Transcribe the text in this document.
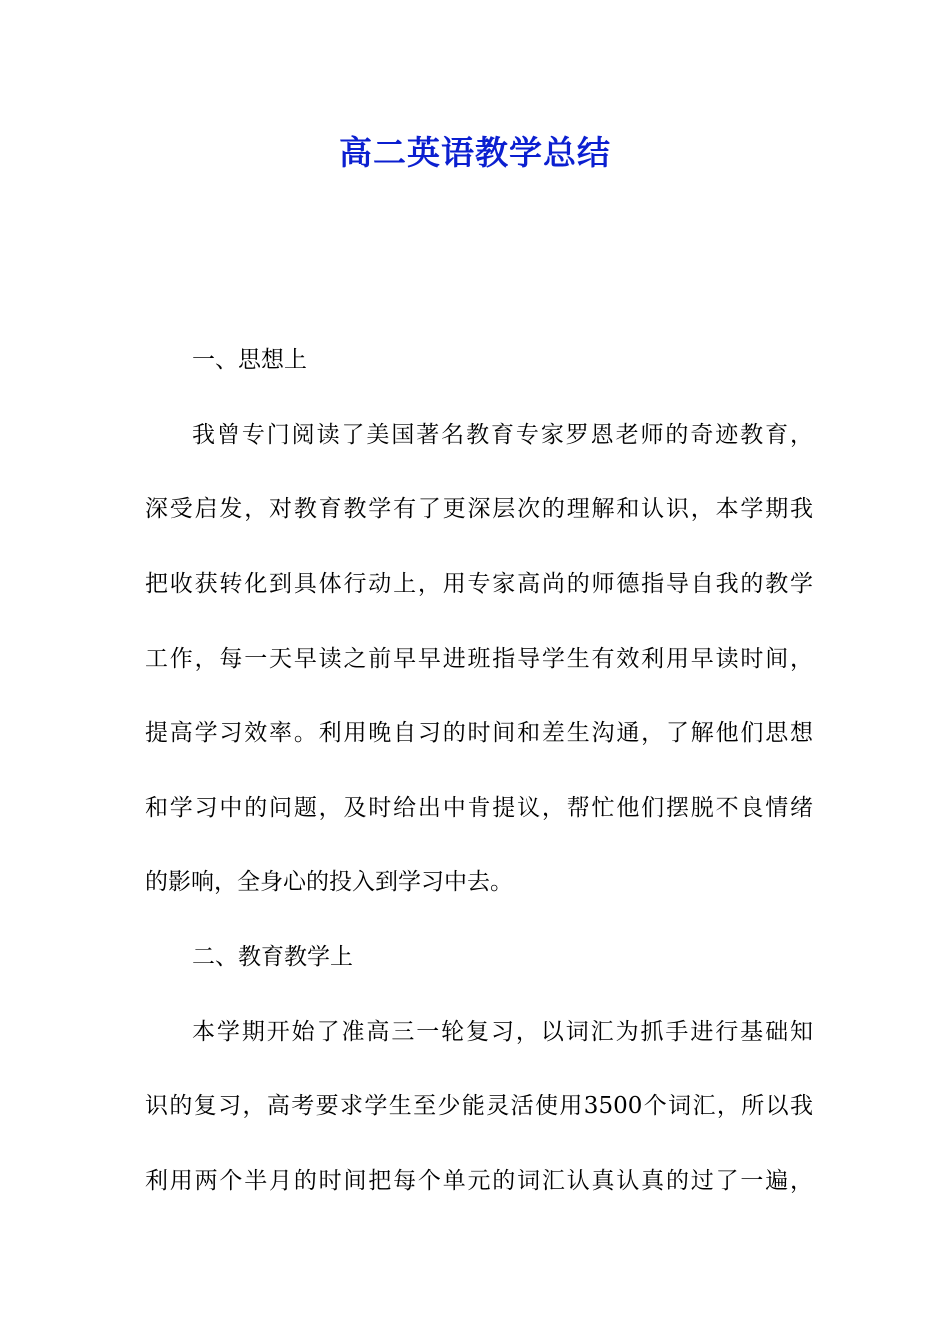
高二英语教学总结
一、思想上
我曾专门阅读了美国著名教育专家罗恩老师的奇迹教育，
深受启发，对教育教学有了更深层次的理解和认识，本学期我
把收获转化到具体行动上，用专家高尚的师德指导自我的教学
工作，每一天早读之前早早进班指导学生有效利用早读时间，
提高学习效率。利用晚自习的时间和差生沟通，了解他们思想
和学习中的问题，及时给出中肯提议，帮忙他们摆脱不良情绪
的影响，全身心的投入到学习中去。
二、教育教学上
本学期开始了准高三一轮复习，以词汇为抓手进行基础知
识的复习，高考要求学生至少能灵活使用3500个词汇，所以我
利用两个半月的时间把每个单元的词汇认真认真的过了一遍，
